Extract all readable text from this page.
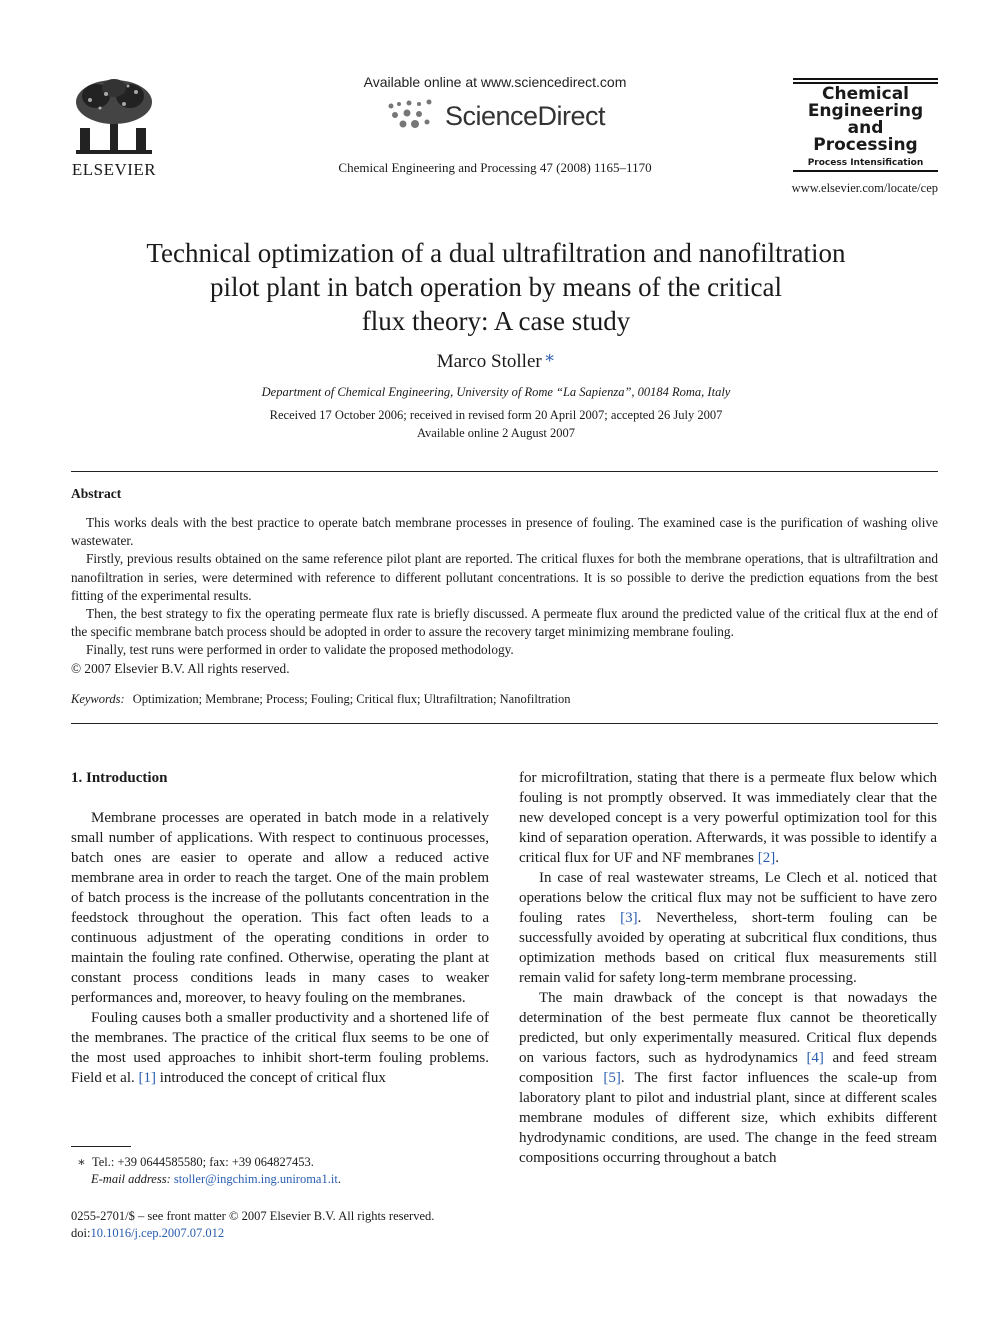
ELSEVIER
Available online at www.sciencedirect.com
ScienceDirect
Chemical Engineering and Processing 47 (2008) 1165–1170
Chemical Engineering and Processing
Process Intensification
www.elsevier.com/locate/cep
Technical optimization of a dual ultrafiltration and nanofiltration
pilot plant in batch operation by means of the critical
flux theory: A case study
Marco Stoller ∗
Department of Chemical Engineering, University of Rome “La Sapienza”, 00184 Roma, Italy
Received 17 October 2006; received in revised form 20 April 2007; accepted 26 July 2007
Available online 2 August 2007
Abstract

This works deals with the best practice to operate batch membrane processes in presence of fouling. The examined case is the purification of washing olive wastewater.

Firstly, previous results obtained on the same reference pilot plant are reported. The critical fluxes for both the membrane operations, that is ultrafiltration and nanofiltration in series, were determined with reference to different pollutant concentrations. It is so possible to derive the prediction equations from the best fitting of the experimental results.

Then, the best strategy to fix the operating permeate flux rate is briefly discussed. A permeate flux around the predicted value of the critical flux at the end of the specific membrane batch process should be adopted in order to assure the recovery target minimizing membrane fouling.

Finally, test runs were performed in order to validate the proposed methodology.

© 2007 Elsevier B.V. All rights reserved.

Keywords: Optimization; Membrane; Process; Fouling; Critical flux; Ultrafiltration; Nanofiltration
1. Introduction

Membrane processes are operated in batch mode in a relatively small number of applications. With respect to continuous processes, batch ones are easier to operate and allow a reduced active membrane area in order to reach the target. One of the main problem of batch process is the increase of the pollutants concentration in the feedstock throughout the operation. This fact often leads to a continuous adjustment of the operating conditions in order to maintain the fouling rate confined. Otherwise, operating the plant at constant process conditions leads in many cases to weaker performances and, moreover, to heavy fouling on the membranes.

Fouling causes both a smaller productivity and a shortened life of the membranes. The practice of the critical flux seems to be one of the most used approaches to inhibit short-term fouling problems. Field et al. [1] introduced the concept of critical flux

for microfiltration, stating that there is a permeate flux below which fouling is not promptly observed. It was immediately clear that the new developed concept is a very powerful optimization tool for this kind of separation operation. Afterwards, it was possible to identify a critical flux for UF and NF membranes [2].

In case of real wastewater streams, Le Clech et al. noticed that operations below the critical flux may not be sufficient to have zero fouling rates [3]. Nevertheless, short-term fouling can be successfully avoided by operating at subcritical flux conditions, thus optimization methods based on critical flux measurements still remain valid for safety long-term membrane processing.

The main drawback of the concept is that nowadays the determination of the best permeate flux cannot be theoretically predicted, but only experimentally measured. Critical flux depends on various factors, such as hydrodynamics [4] and feed stream composition [5]. The first factor influences the scale-up from laboratory plant to pilot and industrial plant, since at different scales membrane modules of different size, which exhibits different hydrodynamic conditions, are used. The change in the feed stream compositions occurring throughout a batch

∗ Tel.: +39 0644585580; fax: +39 064827453.
E-mail address: stoller@ingchim.ing.uniroma1.it.
0255-2701/$ – see front matter © 2007 Elsevier B.V. All rights reserved.
doi:10.1016/j.cep.2007.07.012
